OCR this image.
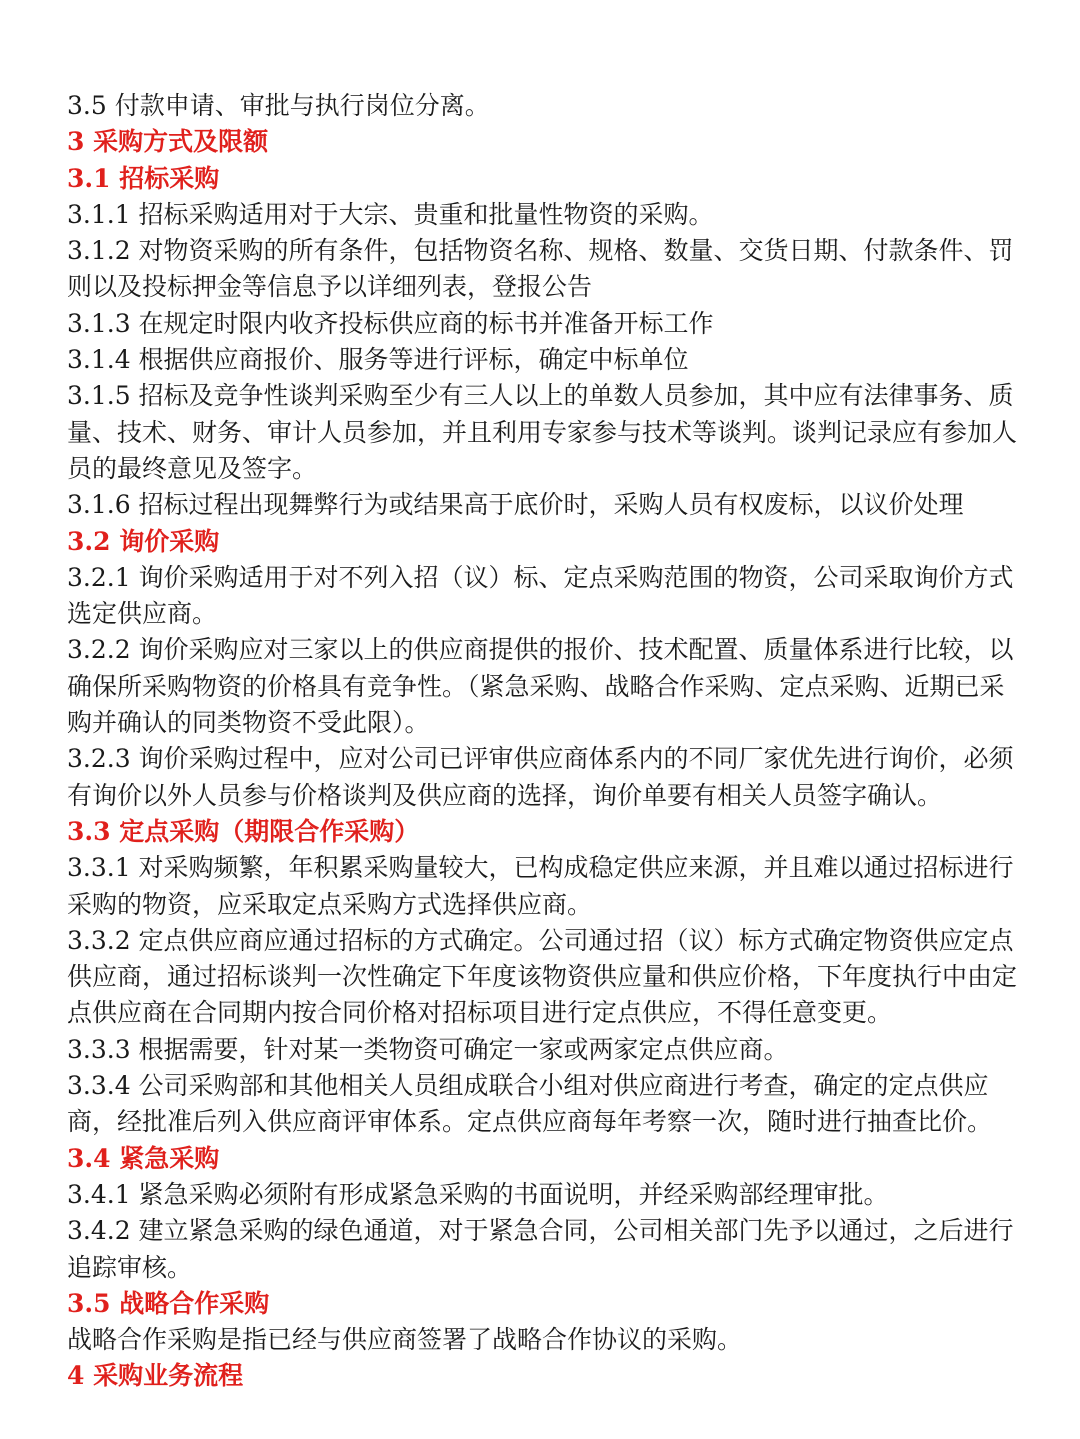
3.5 付款申请、审批与执行岗位分离。

3 采购方式及限额

3.1 招标采购

3.1.1 招标采购适用对于大宗、贵重和批量性物资的采购。

3.1.2 对物资采购的所有条件，包括物资名称、规格、数量、交货日期、付款条件、罚则以及投标押金等信息予以详细列表，登报公告

3.1.3 在规定时限内收齐投标供应商的标书并准备开标工作

3.1.4 根据供应商报价、服务等进行评标，确定中标单位

3.1.5 招标及竞争性谈判采购至少有三人以上的单数人员参加，其中应有法律事务、质量、技术、财务、审计人员参加，并且利用专家参与技术等谈判。谈判记录应有参加人员的最终意见及签字。

3.1.6 招标过程出现舞弊行为或结果高于底价时，采购人员有权废标，以议价处理

3.2 询价采购

3.2.1 询价采购适用于对不列入招（议）标、定点采购范围的物资，公司采取询价方式选定供应商。

3.2.2 询价采购应对三家以上的供应商提供的报价、技术配置、质量体系进行比较，以确保所采购物资的价格具有竞争性。（紧急采购、战略合作采购、定点采购、近期已采购并确认的同类物资不受此限）。

3.2.3 询价采购过程中，应对公司已评审供应商体系内的不同厂家优先进行询价，必须有询价以外人员参与价格谈判及供应商的选择，询价单要有相关人员签字确认。

3.3 定点采购（期限合作采购）

3.3.1 对采购频繁，年积累采购量较大，已构成稳定供应来源，并且难以通过招标进行采购的物资，应采取定点采购方式选择供应商。

3.3.2 定点供应商应通过招标的方式确定。公司通过招（议）标方式确定物资供应定点供应商，通过招标谈判一次性确定下年度该物资供应量和供应价格，下年度执行中由定点供应商在合同期内按合同价格对招标项目进行定点供应，不得任意变更。

3.3.3 根据需要，针对某一类物资可确定一家或两家定点供应商。

3.3.4 公司采购部和其他相关人员组成联合小组对供应商进行考查，确定的定点供应商，经批准后列入供应商评审体系。定点供应商每年考察一次，随时进行抽查比价。

3.4 紧急采购

3.4.1 紧急采购必须附有形成紧急采购的书面说明，并经采购部经理审批。

3.4.2 建立紧急采购的绿色通道，对于紧急合同，公司相关部门先予以通过，之后进行追踪审核。

3.5 战略合作采购

战略合作采购是指已经与供应商签署了战略合作协议的采购。

4 采购业务流程
